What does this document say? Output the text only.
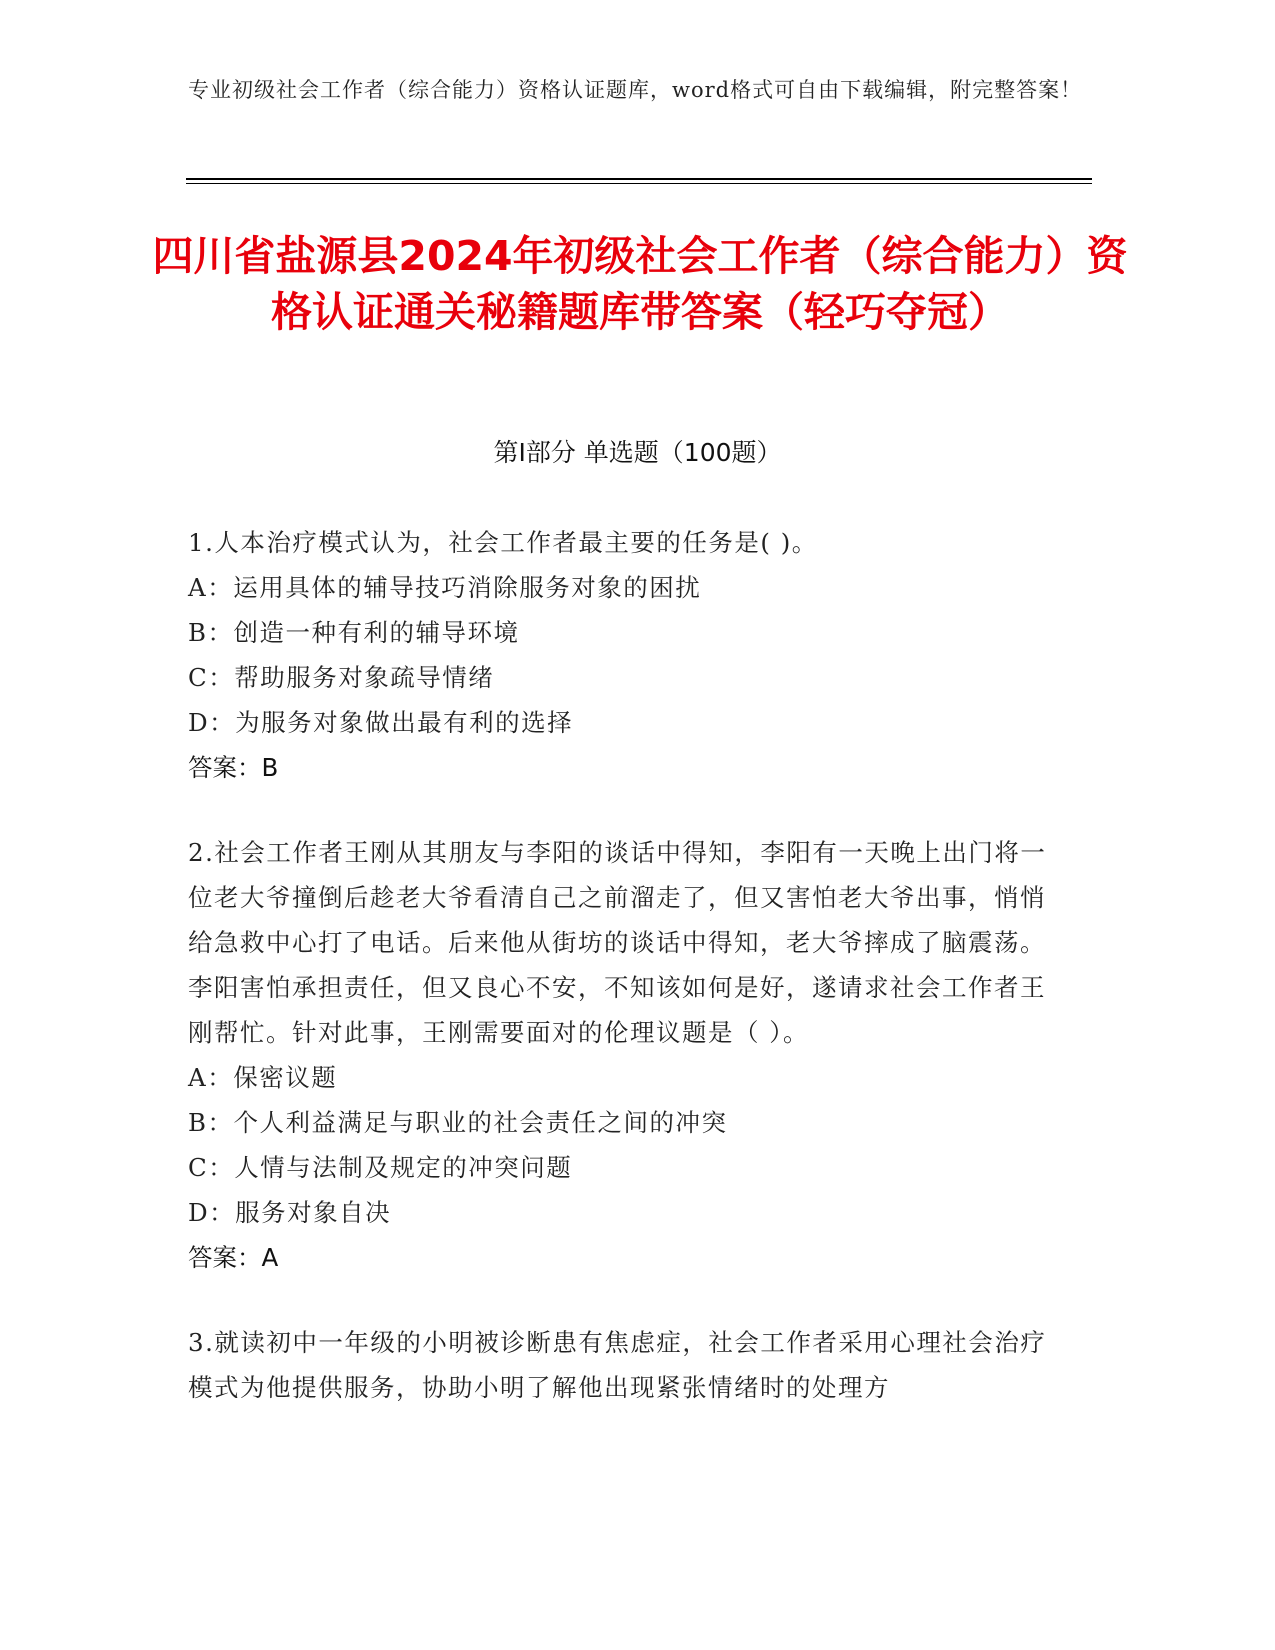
专业初级社会工作者（综合能力）资格认证题库，word格式可自由下载编辑，附完整答案！
四川省盐源县2024年初级社会工作者（综合能力）资格认证通关秘籍题库带答案（轻巧夺冠）
第Ⅰ部分 单选题（100题）

1.人本治疗模式认为，社会工作者最主要的任务是( )。

A：运用具体的辅导技巧消除服务对象的困扰

B：创造一种有利的辅导环境

C：帮助服务对象疏导情绪

D：为服务对象做出最有利的选择

答案：B

2.社会工作者王刚从其朋友与李阳的谈话中得知，李阳有一天晚上出门将一位老大爷撞倒后趁老大爷看清自己之前溜走了，但又害怕老大爷出事，悄悄给急救中心打了电话。后来他从街坊的谈话中得知，老大爷摔成了脑震荡。李阳害怕承担责任，但又良心不安，不知该如何是好，遂请求社会工作者王刚帮忙。针对此事，王刚需要面对的伦理议题是（ ）。

A：保密议题

B：个人利益满足与职业的社会责任之间的冲突

C：人情与法制及规定的冲突问题

D：服务对象自决

答案：A

3.就读初中一年级的小明被诊断患有焦虑症，社会工作者采用心理社会治疗模式为他提供服务，协助小明了解他出现紧张情绪时的处理方
